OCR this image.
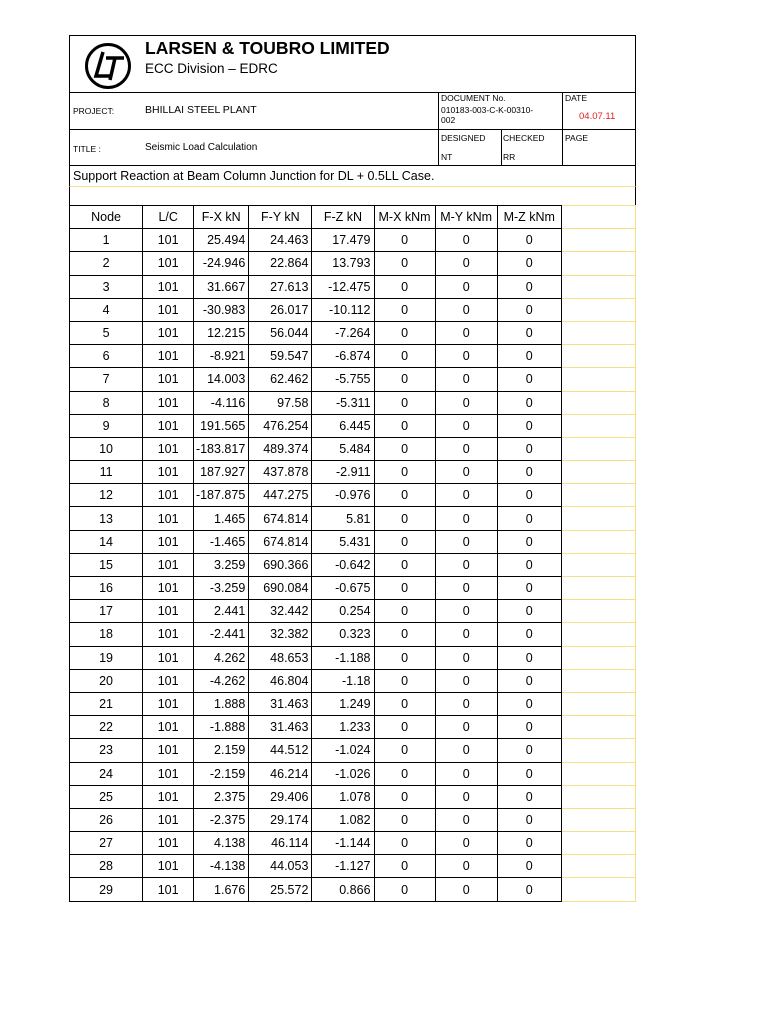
LARSEN & TOUBRO LIMITED
ECC Division – EDRC
PROJECT:	BHILLAI STEEL PLANT
TITLE :	Seismic Load Calculation
DOCUMENT No.
010183-003-C-K-00310-
002
DATE
04.07.11
DESIGNED
NT
CHECKED
RR
PAGE
Support Reaction at Beam Column Junction for DL + 0.5LL Case.
Node	L/C	F-X kN	F-Y kN	F-Z kN	M-X kNm	M-Y kNm	M-Z kNm	
1	101	25.494	24.463	17.479	0	0	0	
2	101	-24.946	22.864	13.793	0	0	0	
3	101	31.667	27.613	-12.475	0	0	0	
4	101	-30.983	26.017	-10.112	0	0	0	
5	101	12.215	56.044	-7.264	0	0	0	
6	101	-8.921	59.547	-6.874	0	0	0	
7	101	14.003	62.462	-5.755	0	0	0	
8	101	-4.116	97.58	-5.311	0	0	0	
9	101	191.565	476.254	6.445	0	0	0	
10	101	-183.817	489.374	5.484	0	0	0	
11	101	187.927	437.878	-2.911	0	0	0	
12	101	-187.875	447.275	-0.976	0	0	0	
13	101	1.465	674.814	5.81	0	0	0	
14	101	-1.465	674.814	5.431	0	0	0	
15	101	3.259	690.366	-0.642	0	0	0	
16	101	-3.259	690.084	-0.675	0	0	0	
17	101	2.441	32.442	0.254	0	0	0	
18	101	-2.441	32.382	0.323	0	0	0	
19	101	4.262	48.653	-1.188	0	0	0	
20	101	-4.262	46.804	-1.18	0	0	0	
21	101	1.888	31.463	1.249	0	0	0	
22	101	-1.888	31.463	1.233	0	0	0	
23	101	2.159	44.512	-1.024	0	0	0	
24	101	-2.159	46.214	-1.026	0	0	0	
25	101	2.375	29.406	1.078	0	0	0	
26	101	-2.375	29.174	1.082	0	0	0	
27	101	4.138	46.114	-1.144	0	0	0	
28	101	-4.138	44.053	-1.127	0	0	0	
29	101	1.676	25.572	0.866	0	0	0	
